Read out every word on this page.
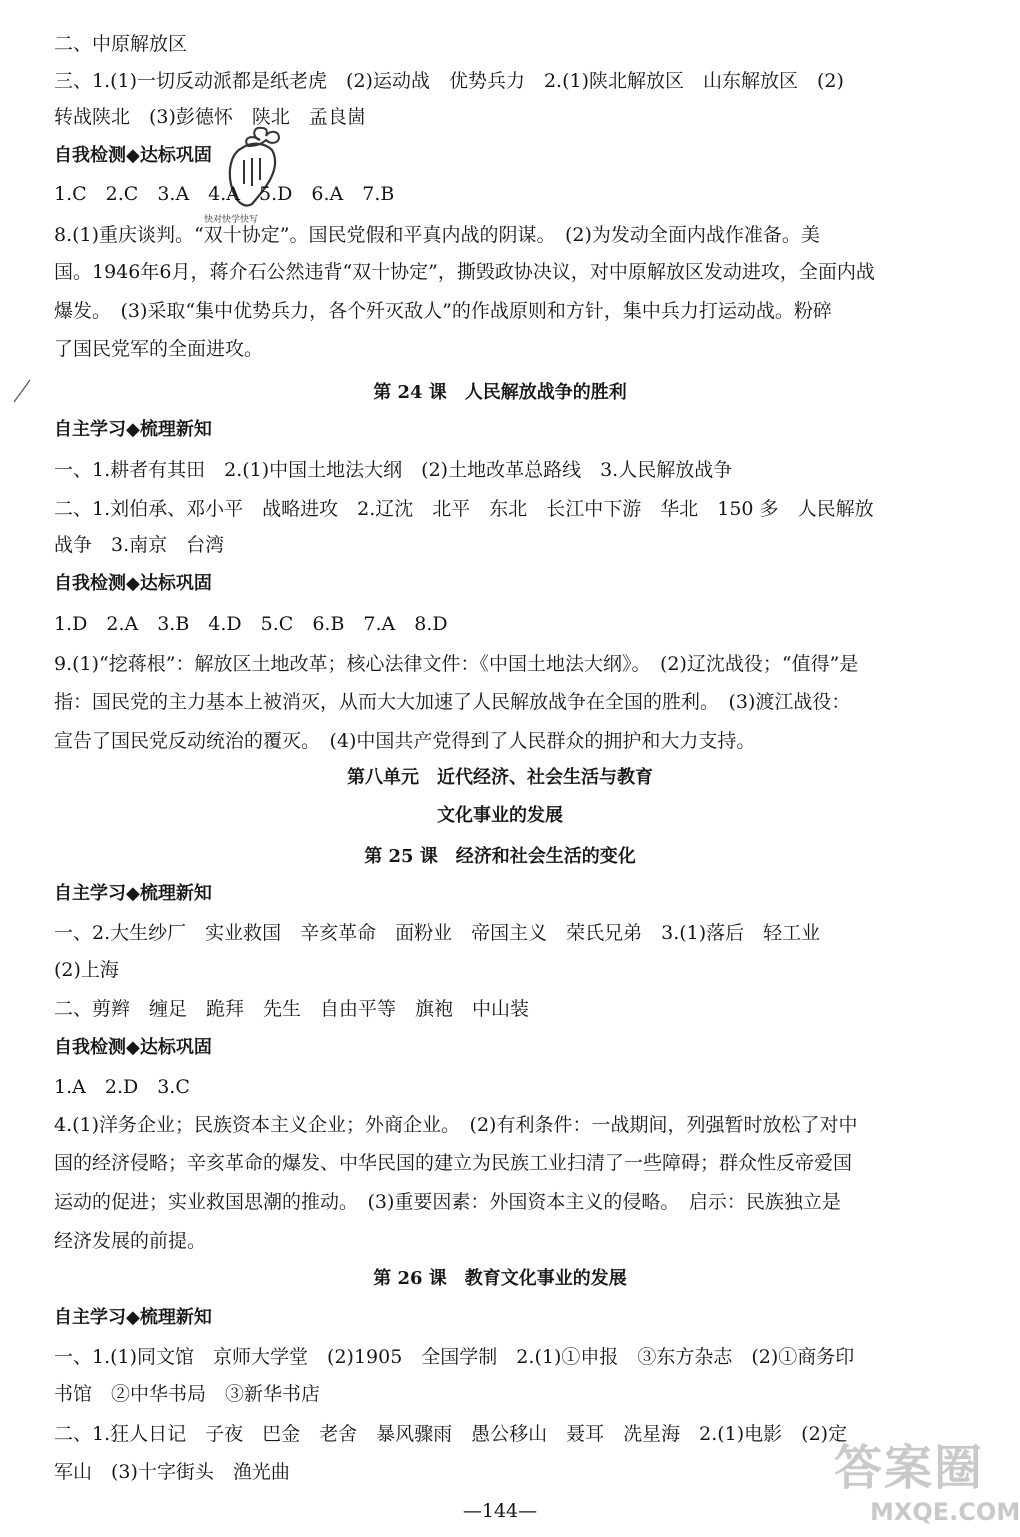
快对快学快写
二、中原解放区
三、1.(1)一切反动派都是纸老虎　(2)运动战　优势兵力　2.(1)陕北解放区　山东解放区　(2)
转战陕北　(3)彭德怀　陕北　孟良崮
自我检测◆达标巩固
1.C　2.C　3.A　4.A　5.D　6.A　7.B
8.(1)重庆谈判。“双十协定”。国民党假和平真内战的阴谋。　(2)为发动全面内战作准备。美
国。1946年6月，蒋介石公然违背“双十协定”，撕毁政协决议，对中原解放区发动进攻，全面内战
爆发。　(3)采取“集中优势兵力，各个歼灭敌人”的作战原则和方针，集中兵力打运动战。粉碎
了国民党军的全面进攻。
第 24 课　人民解放战争的胜利
自主学习◆梳理新知
一、1.耕者有其田　2.(1)中国土地法大纲　(2)土地改革总路线　3.人民解放战争
二、1.刘伯承、邓小平　战略进攻　2.辽沈　北平　东北　长江中下游　华北　150 多　人民解放
战争　3.南京　台湾
自我检测◆达标巩固
1.D　2.A　3.B　4.D　5.C　6.B　7.A　8.D
9.(1)“挖蒋根”：解放区土地改革；核心法律文件：《中国土地法大纲》。　(2)辽沈战役；“值得”是
指：国民党的主力基本上被消灭，从而大大加速了人民解放战争在全国的胜利。　(3)渡江战役：
宣告了国民党反动统治的覆灭。　(4)中国共产党得到了人民群众的拥护和大力支持。
第八单元　近代经济、社会生活与教育
文化事业的发展
第 25 课　经济和社会生活的变化
自主学习◆梳理新知
一、2.大生纱厂　实业救国　辛亥革命　面粉业　帝国主义　荣氏兄弟　3.(1)落后　轻工业
(2)上海
二、剪辫　缠足　跪拜　先生　自由平等　旗袍　中山装
自我检测◆达标巩固
1.A　2.D　3.C
4.(1)洋务企业；民族资本主义企业；外商企业。　(2)有利条件：一战期间，列强暂时放松了对中
国的经济侵略；辛亥革命的爆发、中华民国的建立为民族工业扫清了一些障碍；群众性反帝爱国
运动的促进；实业救国思潮的推动。　(3)重要因素：外国资本主义的侵略。　启示：民族独立是
经济发展的前提。
第 26 课　教育文化事业的发展
自主学习◆梳理新知
一、1.(1)同文馆　京师大学堂　(2)1905　全国学制　2.(1)①申报　③东方杂志　(2)①商务印
书馆　②中华书局　③新华书店
二、1.狂人日记　子夜　巴金　老舍　暴风骤雨　愚公移山　聂耳　冼星海　2.(1)电影　(2)定
军山　(3)十字街头　渔光曲
—144—
答案圈
MXQE.COM
